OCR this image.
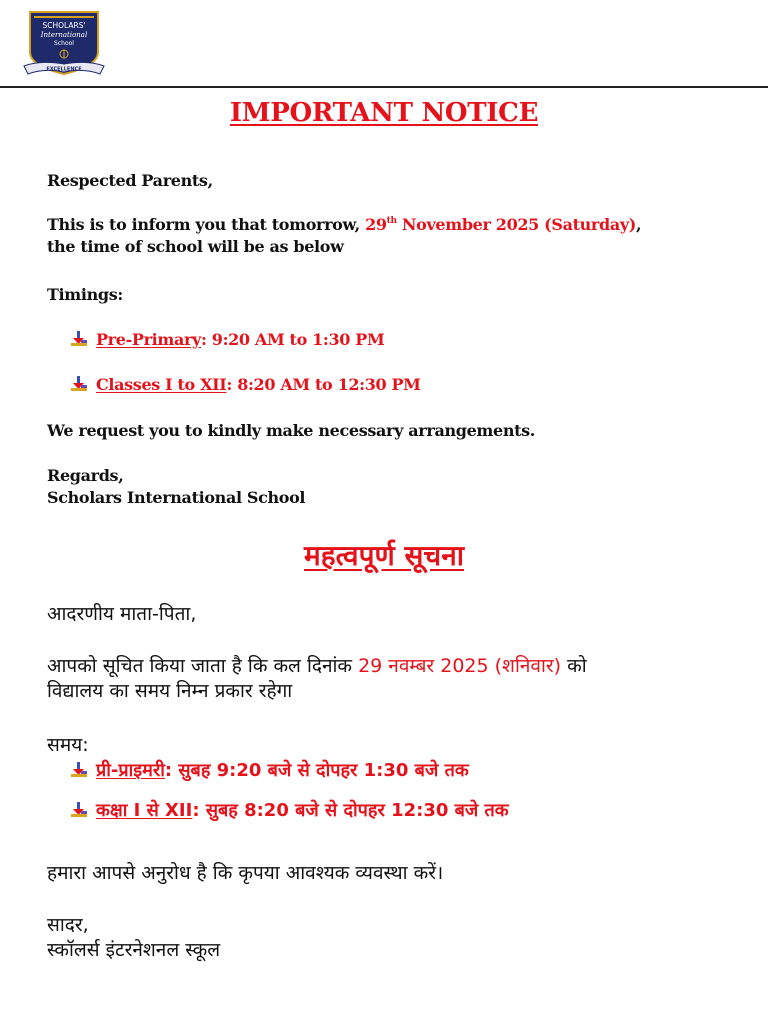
EXCELLENCE
SCHOLARS'
International
School
IMPORTANT NOTICE
Respected Parents,
This is to inform you that tomorrow, 29th November 2025 (Saturday),
the time of school will be as below
Timings:
Pre-Primary : 9:20 AM to 1:30 PM
Classes I to XII : 8:20 AM to 12:30 PM
We request you to kindly make necessary arrangements.
Regards,
Scholars International School
महत्वपूर्ण सूचना
आदरणीय माता-पिता,
आपको सूचित किया जाता है कि कल दिनांक 29 नवम्बर 2025 (शनिवार) को
विद्यालय का समय निम्न प्रकार रहेगा
समय:
प्री-प्राइमरी : सुबह 9:20 बजे से दोपहर 1:30 बजे तक
कक्षा I से XII : सुबह 8:20 बजे से दोपहर 12:30 बजे तक
हमारा आपसे अनुरोध है कि कृपया आवश्यक व्यवस्था करें।
सादर,
स्कॉलर्स इंटरनेशनल स्कूल
